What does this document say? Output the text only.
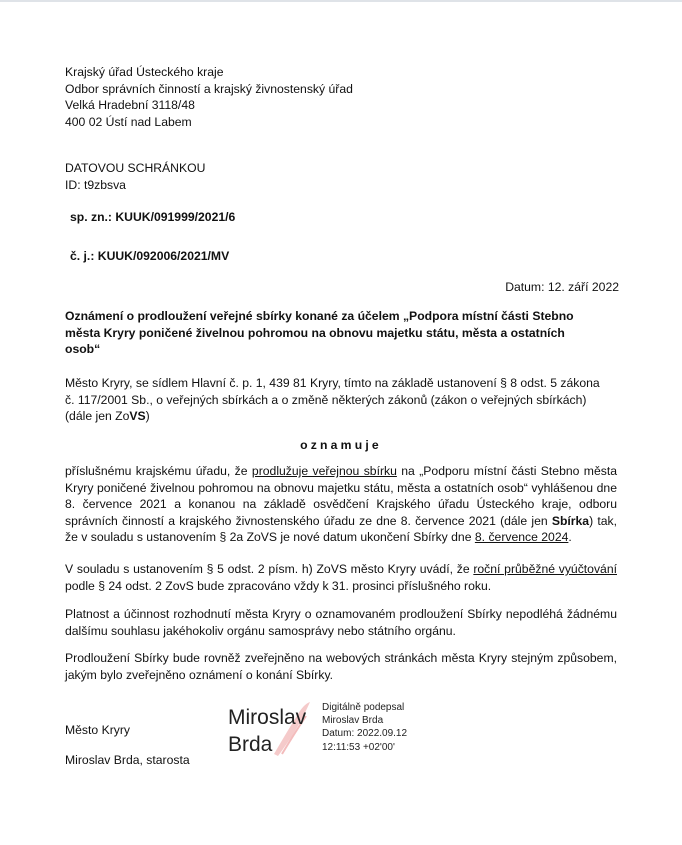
Krajský úřad Ústeckého kraje
Odbor správních činností a krajský živnostenský úřad
Velká Hradební 3118/48
400 02 Ústí nad Labem
DATOVOU SCHRÁNKOU
ID: t9zbsva
sp. zn.: KUUK/091999/2021/6
č. j.: KUUK/092006/2021/MV
Datum: 12. září 2022
Oznámení o prodloužení veřejné sbírky konané za účelem „Podpora místní části Stebno
města Kryry poničené živelnou pohromou na obnovu majetku státu, města a ostatních
osob“
Město Kryry, se sídlem Hlavní č. p. 1, 439 81 Kryry, tímto na základě ustanovení § 8 odst. 5 zákona
č. 117/2001 Sb., o veřejných sbírkách a o změně některých zákonů (zákon o veřejných sbírkách)
(dále jen ZoVS)
oznamuje
příslušnému krajskému úřadu, že prodlužuje veřejnou sbírku na „Podporu místní části Stebno města Kryry poničené živelnou pohromou na obnovu majetku státu, města a ostatních osob“ vyhlášenou dne 8. července 2021 a konanou na základě osvědčení Krajského úřadu Ústeckého kraje, odboru správních činností a krajského živnostenského úřadu ze dne 8. července 2021 (dále jen Sbírka) tak, že v souladu s ustanovením § 2a ZoVS je nové datum ukončení Sbírky dne 8. července 2024.
V souladu s ustanovením § 5 odst. 2 písm. h) ZoVS město Kryry uvádí, že roční průběžné vyúčtování podle § 24 odst. 2 ZovS bude zpracováno vždy k 31. prosinci příslušného roku.
Platnost a účinnost rozhodnutí města Kryry o oznamovaném prodloužení Sbírky nepodléhá žádnému dalšímu souhlasu jakéhokoliv orgánu samosprávy nebo státního orgánu.
Prodloužení Sbírky bude rovněž zveřejněno na webových stránkách města Kryry stejným způsobem, jakým bylo zveřejněno oznámení o konání Sbírky.
Město Kryry
Miroslav Brda, starosta
Miroslav
Brda
Digitálně podepsal
Miroslav Brda
Datum: 2022.09.12
12:11:53 +02'00'
